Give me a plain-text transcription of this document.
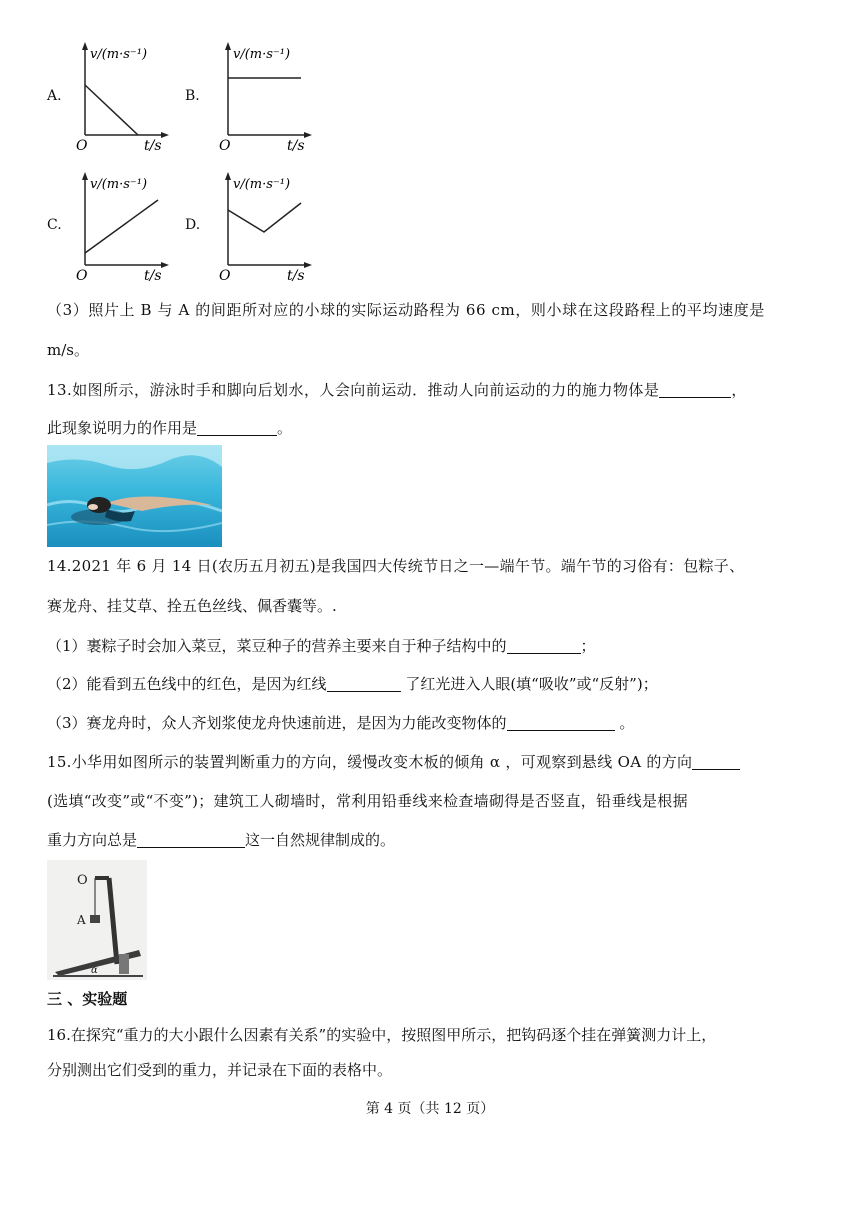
A.
v/(m·s⁻¹)
O	t/s
B.
v/(m·s⁻¹)
O	t/s
C.
v/(m·s⁻¹)
O	t/s
D.
v/(m·s⁻¹)
O	t/s
（3）照片上 B 与 A 的间距所对应的小球的实际运动路程为 66 cm，则小球在这段路程上的平均速度是
m/s。
13.如图所示，游泳时手和脚向后划水，人会向前运动．推动人向前运动的力的施力物体是	，
此现象说明力的作用是	。
14.2021 年 6 月 14 日(农历五月初五)是我国四大传统节日之一—端午节。端午节的习俗有：包粽子、
赛龙舟、挂艾草、拴五色丝线、佩香囊等。.
（1）裹粽子时会加入菜豆，菜豆种子的营养主要来自于种子结构中的	；
（2）能看到五色线中的红色，是因为红线	了红光进入人眼(填“吸收”或“反射”)；
（3）赛龙舟时，众人齐划浆使龙舟快速前进，是因为力能改变物体的	。
15.小华用如图所示的装置判断重力的方向，缓慢改变木板的倾角 α ，可观察到悬线 OA 的方向
(选填“改变”或“不变”)；建筑工人砌墙时，常利用铅垂线来检查墙砌得是否竖直，铅垂线是根据
重力方向总是	这一自然规律制成的。
O
A
α
三 、实验题
16.在探究“重力的大小跟什么因素有关系”的实验中，按照图甲所示，把钩码逐个挂在弹簧测力计上，
分别测出它们受到的重力，并记录在下面的表格中。
第 4 页（共 12 页）
